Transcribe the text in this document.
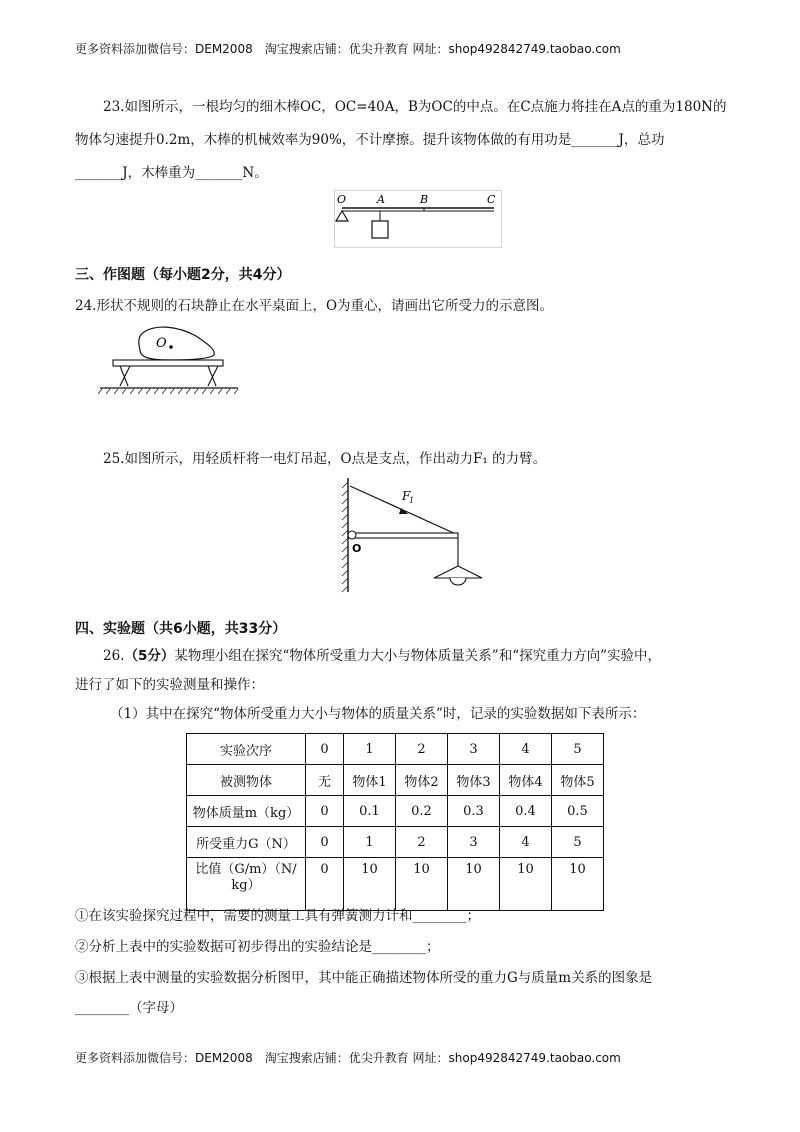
更多资料添加微信号：DEM2008　淘宝搜索店铺：优尖升教育 网址：shop492842749.taobao.com
23.如图所示，一根均匀的细木棒OC，OC=40A，B为OC的中点。在C点施力将挂在A点的重为180N的
物体匀速提升0.2m，木棒的机械效率为90%，不计摩擦。提升该物体做的有用功是_______J，总功
_______J，木棒重为_______N。
O	A	B	C
三、作图题（每小题2分，共4分）
24.形状不规则的石块静止在水平桌面上，O为重心，请画出它所受力的示意图。
O
25.如图所示，用轻质杆将一电灯吊起，O点是支点，作出动力F₁ 的力臂。
F
1
O
四、实验题（共6小题，共33分）
26.（5分）某物理小组在探究“物体所受重力大小与物体质量关系”和“探究重力方向”实验中，
进行了如下的实验测量和操作：
（1）其中在探究“物体所受重力大小与物体的质量关系”时，记录的实验数据如下表所示：
实验次序	0	1	2	3	4	5
被测物体	无	物体1	物体2	物体3	物体4	物体5
物体质量m（kg）	0	0.1	0.2	0.3	0.4	0.5
所受重力G（N）	0	1	2	3	4	5

比值（G/m）（N/
kg）	0	10	10	10	10	10
①在该实验探究过程中，需要的测量工具有弹簧测力计和________；
②分析上表中的实验数据可初步得出的实验结论是________；
③根据上表中测量的实验数据分析图甲，其中能正确描述物体所受的重力G与质量m关系的图象是
________（字母）
更多资料添加微信号：DEM2008　淘宝搜索店铺：优尖升教育 网址：shop492842749.taobao.com
